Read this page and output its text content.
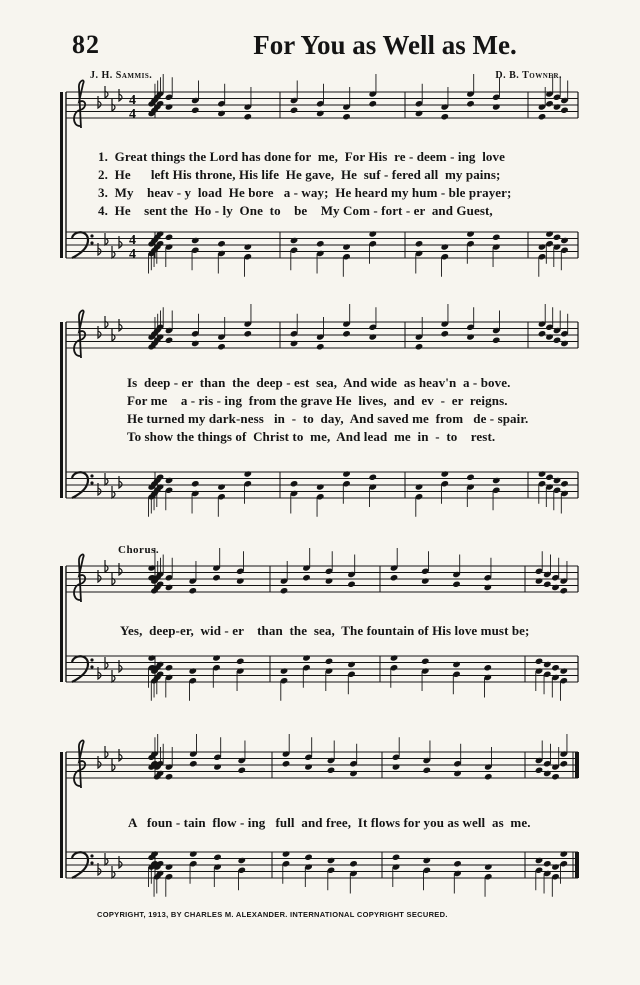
82	For You as Well as Me.
J. H. Sammis.	D. B. Towner.
4
4
4
4
1.  Great things the Lord has done for  me,  For His  re - deem - ing  love
2.  He      left His throne, His life  He gave,  He  suf - fered all  my pains;
3.  My    heav - y  load  He bore   a - way;  He heard my hum - ble prayer;
4.  He    sent the  Ho - ly  One  to    be    My Com - fort - er  and Guest,
Is  deep - er  than  the  deep - est  sea,  And wide  as heav'n  a - bove.
For me    a - ris - ing  from the grave He  lives,  and  ev  -  er  reigns.
He turned my dark-ness   in  -  to  day,  And saved me  from   de - spair.
To show the things of  Christ to  me,  And lead  me  in  -  to    rest.
Chorus.
Yes,  deep-er,  wid - er    than  the  sea,  The fountain of His love must be;
A   foun - tain  flow - ing   full  and free,  It flows for you as well  as  me.
COPYRIGHT, 1913, BY CHARLES M. ALEXANDER. INTERNATIONAL COPYRIGHT SECURED.
